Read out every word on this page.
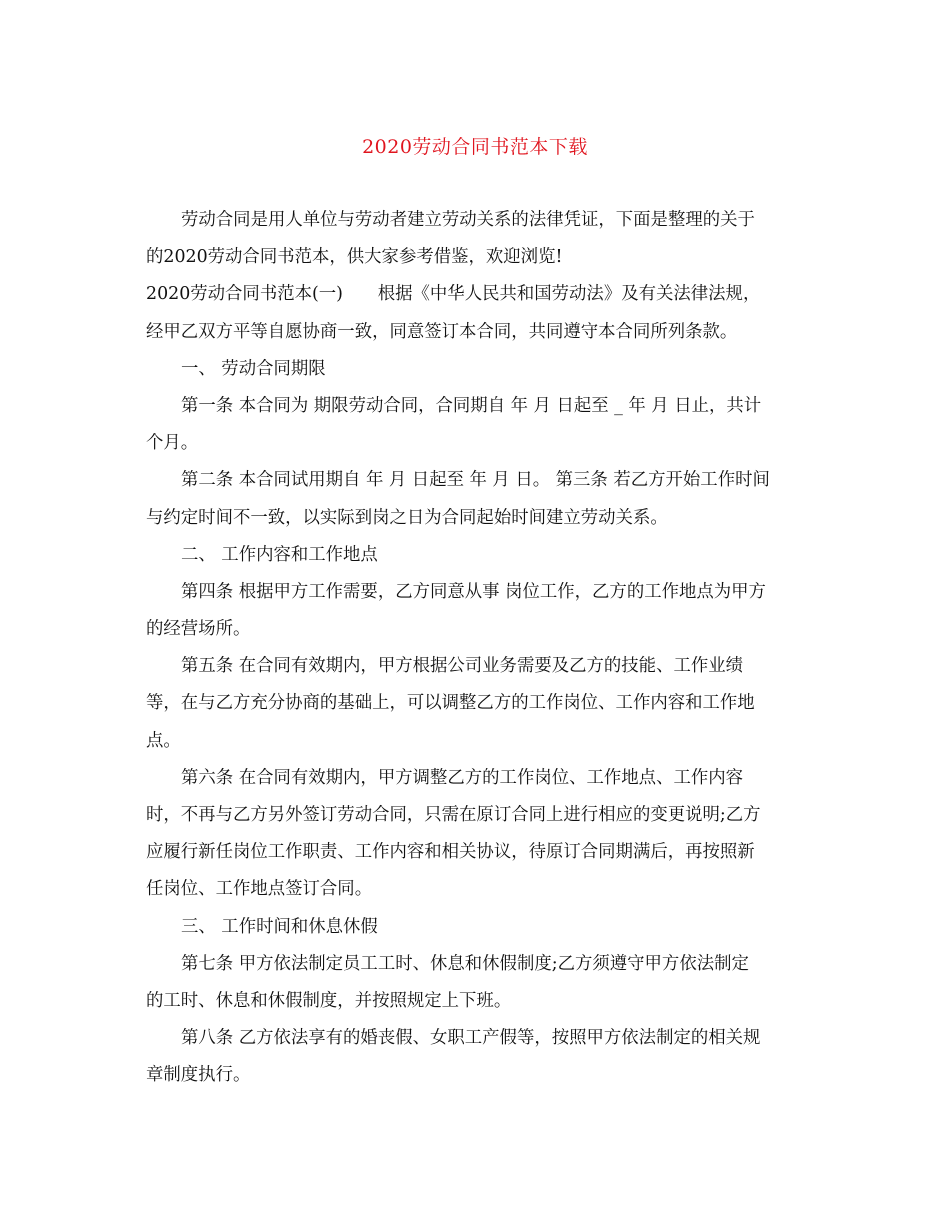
2020劳动合同书范本下载
劳动合同是用人单位与劳动者建立劳动关系的法律凭证，下面是整理的关于
的2020劳动合同书范本，供大家参考借鉴，欢迎浏览!
2020劳动合同书范本(一)　　根据《中华人民共和国劳动法》及有关法律法规，
经甲乙双方平等自愿协商一致，同意签订本合同，共同遵守本合同所列条款。
一、 劳动合同期限
第一条 本合同为 期限劳动合同，合同期自 年 月 日起至 _ 年 月 日止，共计
个月。
第二条 本合同试用期自 年 月 日起至 年 月 日。 第三条 若乙方开始工作时间
与约定时间不一致，以实际到岗之日为合同起始时间建立劳动关系。
二、 工作内容和工作地点
第四条 根据甲方工作需要，乙方同意从事 岗位工作，乙方的工作地点为甲方
的经营场所。
第五条 在合同有效期内，甲方根据公司业务需要及乙方的技能、工作业绩
等，在与乙方充分协商的基础上，可以调整乙方的工作岗位、工作内容和工作地
点。
第六条 在合同有效期内，甲方调整乙方的工作岗位、工作地点、工作内容
时，不再与乙方另外签订劳动合同，只需在原订合同上进行相应的变更说明;乙方
应履行新任岗位工作职责、工作内容和相关协议，待原订合同期满后，再按照新
任岗位、工作地点签订合同。
三、 工作时间和休息休假
第七条 甲方依法制定员工工时、休息和休假制度;乙方须遵守甲方依法制定
的工时、休息和休假制度，并按照规定上下班。
第八条 乙方依法享有的婚丧假、女职工产假等，按照甲方依法制定的相关规
章制度执行。
